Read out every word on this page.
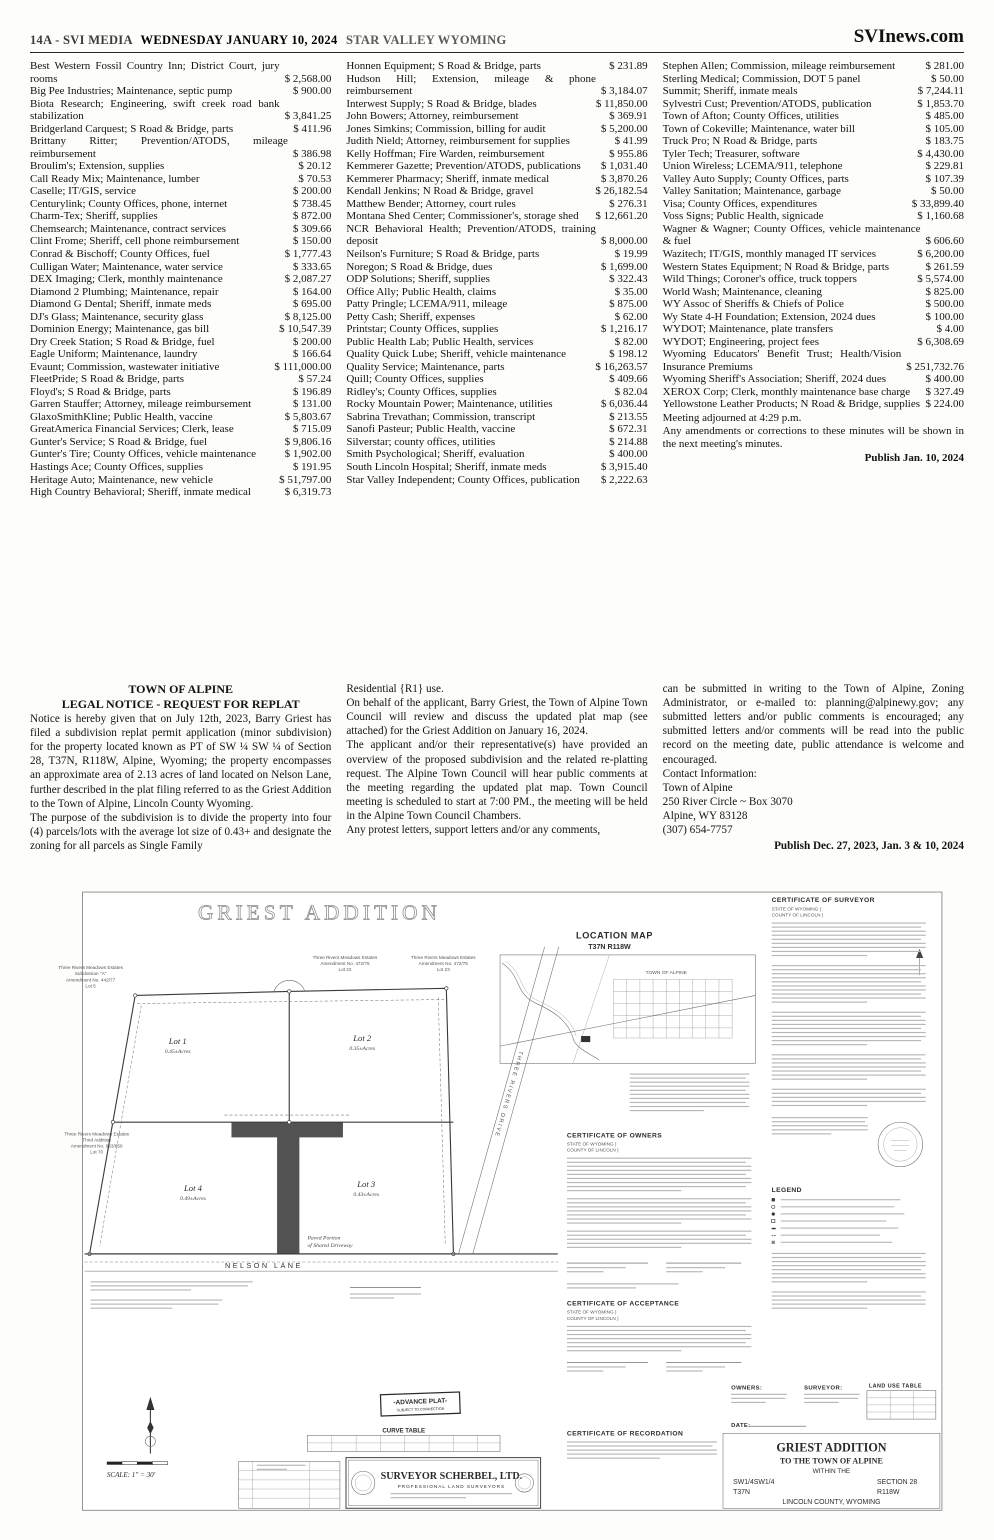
14A - SVI MEDIA WEDNESDAY JANUARY 10, 2024 STAR VALLEY WYOMING	SVInews.com
Best Western Fossil Country Inn; District Court, jury rooms	$ 2,568.00
Big Pee Industries; Maintenance, septic pump	$ 900.00
Biota Research; Engineering, swift creek road bank stabilization	$ 3,841.25
Bridgerland Carquest; S Road & Bridge, parts	$ 411.96
Brittany Ritter; Prevention/ATODS, mileage reimbursement	$ 386.98
Broulim's; Extension, supplies	$ 20.12
Call Ready Mix; Maintenance, lumber	$ 70.53
Caselle; IT/GIS, service	$ 200.00
Centurylink; County Offices, phone, internet	$ 738.45
Charm-Tex; Sheriff, supplies	$ 872.00
Chemsearch; Maintenance, contract services	$ 309.66
Clint Frome; Sheriff, cell phone reimbursement	$ 150.00
Conrad & Bischoff; County Offices, fuel	$ 1,777.43
Culligan Water; Maintenance, water service	$ 333.65
DEX Imaging; Clerk, monthly maintenance	$ 2,087.27
Diamond 2 Plumbing; Maintenance, repair	$ 164.00
Diamond G Dental; Sheriff, inmate meds	$ 695.00
DJ's Glass; Maintenance, security glass	$ 8,125.00
Dominion Energy; Maintenance, gas bill	$ 10,547.39
Dry Creek Station; S Road & Bridge, fuel	$ 200.00
Eagle Uniform; Maintenance, laundry	$ 166.64
Evaunt; Commission, wastewater initiative	$ 111,000.00
FleetPride; S Road & Bridge, parts	$ 57.24
Floyd's; S Road & Bridge, parts	$ 196.89
Garren Stauffer; Attorney, mileage reimbursement	$ 131.00
GlaxoSmithKline; Public Health, vaccine	$ 5,803.67
GreatAmerica Financial Services; Clerk, lease	$ 715.09
Gunter's Service; S Road & Bridge, fuel	$ 9,806.16
Gunter's Tire; County Offices, vehicle maintenance	$ 1,902.00
Hastings Ace; County Offices, supplies	$ 191.95
Heritage Auto; Maintenance, new vehicle	$ 51,797.00
High Country Behavioral; Sheriff, inmate medical	$ 6,319.73
Honnen Equipment; S Road & Bridge, parts	$ 231.89
Hudson Hill; Extension, mileage & phone reimbursement	$ 3,184.07
Interwest Supply; S Road & Bridge, blades	$ 11,850.00
John Bowers; Attorney, reimbursement	$ 369.91
Jones Simkins; Commission, billing for audit	$ 5,200.00
Judith Nield; Attorney, reimbursement for supplies	$ 41.99
Kelly Hoffman; Fire Warden, reimbursement	$ 955.86
Kemmerer Gazette; Prevention/ATODS, publications	$ 1,031.40
Kemmerer Pharmacy; Sheriff, inmate medical	$ 3,870.26
Kendall Jenkins; N Road & Bridge, gravel	$ 26,182.54
Matthew Bender; Attorney, court rules	$ 276.31
Montana Shed Center; Commissioner's, storage shed	$ 12,661.20
NCR Behavioral Health; Prevention/ATODS, training deposit	$ 8,000.00
Neilson's Furniture; S Road & Bridge, parts	$ 19.99
Noregon; S Road & Bridge, dues	$ 1,699.00
ODP Solutions; Sheriff, supplies	$ 322.43
Office Ally; Public Health, claims	$ 35.00
Patty Pringle; LCEMA/911, mileage	$ 875.00
Petty Cash; Sheriff, expenses	$ 62.00
Printstar; County Offices, supplies	$ 1,216.17
Public Health Lab; Public Health, services	$ 82.00
Quality Quick Lube; Sheriff, vehicle maintenance	$ 198.12
Quality Service; Maintenance, parts	$ 16,263.57
Quill; County Offices, supplies	$ 409.66
Ridley's; County Offices, supplies	$ 82.04
Rocky Mountain Power; Maintenance, utilities	$ 6,036.44
Sabrina Trevathan; Commission, transcript	$ 213.55
Sanofi Pasteur; Public Health, vaccine	$ 672.31
Silverstar; county offices, utilities	$ 214.88
Smith Psychological; Sheriff, evaluation	$ 400.00
South Lincoln Hospital; Sheriff, inmate meds	$ 3,915.40
Star Valley Independent; County Offices, publication	$ 2,222.63
Stephen Allen; Commission, mileage reimbursement	$ 281.00
Sterling Medical; Commission, DOT 5 panel	$ 50.00
Summit; Sheriff, inmate meals	$ 7,244.11
Sylvestri Cust; Prevention/ATODS, publication	$ 1,853.70
Town of Afton; County Offices, utilities	$ 485.00
Town of Cokeville; Maintenance, water bill	$ 105.00
Truck Pro; N Road & Bridge, parts	$ 183.75
Tyler Tech; Treasurer, software	$ 4,430.00
Union Wireless; LCEMA/911, telephone	$ 229.81
Valley Auto Supply; County Offices, parts	$ 107.39
Valley Sanitation; Maintenance, garbage	$ 50.00
Visa; County Offices, expenditures	$ 33,899.40
Voss Signs; Public Health, signicade	$ 1,160.68
Wagner & Wagner; County Offices, vehicle maintenance & fuel	$ 606.60
Wazitech; IT/GIS, monthly managed IT services	$ 6,200.00
Western States Equipment; N Road & Bridge, parts	$ 261.59
Wild Things; Coroner's office, truck toppers	$ 5,574.00
World Wash; Maintenance, cleaning	$ 825.00
WY Assoc of Sheriffs & Chiefs of Police	$ 500.00
Wy State 4-H Foundation; Extension, 2024 dues	$ 100.00
WYDOT; Maintenance, plate transfers	$ 4.00
WYDOT; Engineering, project fees	$ 6,308.69
Wyoming Educators' Benefit Trust; Health/Vision Insurance Premiums	$ 251,732.76
Wyoming Sheriff's Association; Sheriff, 2024 dues	$ 400.00
XEROX Corp; Clerk, monthly maintenance base charge	$ 327.49
Yellowstone Leather Products; N Road & Bridge, supplies $ 224.00

Meeting adjourned at 4:29 p.m.

Any amendments or corrections to these minutes will be shown in the next meeting's minutes.

Publish Jan. 10, 2024

TOWN OF ALPINE
LEGAL NOTICE - REQUEST FOR REPLAT

Notice is hereby given that on July 12th, 2023, Barry Griest has filed a subdivision replat permit application (minor subdivision) for the property located known as PT of SW ¼ SW ¼ of Section 28, T37N, R118W, Alpine, Wyoming; the property encompasses an approximate area of 2.13 acres of land located on Nelson Lane, further described in the plat filing referred to as the Griest Addition to the Town of Alpine, Lincoln County Wyoming.

The purpose of the subdivision is to divide the property into four (4) parcels/lots with the average lot size of 0.43+ and designate the zoning for all parcels as Single Family

Residential {R1} use.

On behalf of the applicant, Barry Griest, the Town of Alpine Town Council will review and discuss the updated plat map (see attached) for the Griest Addition on January 16, 2024.

The applicant and/or their representative(s) have provided an overview of the proposed subdivision and the related re-platting request. The Alpine Town Council will hear public comments at the meeting regarding the updated plat map. Town Council meeting is scheduled to start at 7:00 PM., the meeting will be held in the Alpine Town Council Chambers.

Any protest letters, support letters and/or any comments,

can be submitted in writing to the Town of Alpine, Zoning Administrator, or e-mailed to: planning@alpinewy.gov; any submitted letters and/or public comments is encouraged; any submitted letters and/or comments will be read into the public record on the meeting date, public attendance is welcome and encouraged.

Contact Information:

Town of Alpine

250 River Circle ~ Box 3070

Alpine, WY 83128

(307) 654-7757

Publish Dec. 27, 2023, Jan. 3 & 10, 2024

GRIEST ADDITION
Three Rivers Meadows Estates
Subdivision "A"
Amendment No. 442/77
Lot 5
Three Rivers Meadows Estates
Amendment No. 472/75
Lot 22
Three Rivers Meadows Estates
Amendment No. 472/75
Lot 23
Three Rivers Meadows Estates
Third Addition
Amendment No. 963/656
Lot 70
Lot 1
0.45±Acres
Lot 2
0.35±Acres
Lot 4
0.49±Acres
Lot 3
0.43±Acres
Paved Portion
of Shared Driveway
NELSON LANE
THREE RIVERS DRIVE
LOCATION MAP
T37N R118W
TOWN OF ALPINE
CERTIFICATE OF OWNERS
STATE OF WYOMING )
COUNTY OF LINCOLN )
CERTIFICATE OF ACCEPTANCE
STATE OF WYOMING )
COUNTY OF LINCOLN )
CERTIFICATE OF RECORDATION
CERTIFICATE OF SURVEYOR
STATE OF WYOMING )
COUNTY OF LINCOLN )
LEGEND
OWNERS:	SURVEYOR:	LAND USE TABLE
DATE:
GRIEST ADDITION
TO THE TOWN OF ALPINE
WITHIN THE
SW1/4SW1/4	SECTION 28
T37N	R118W
LINCOLN COUNTY, WYOMING
SCALE: 1" = 30'
-ADVANCE PLAT-
SUBJECT TO CORRECTION
CURVE TABLE
SURVEYOR SCHERBEL, LTD.
PROFESSIONAL LAND SURVEYORS
